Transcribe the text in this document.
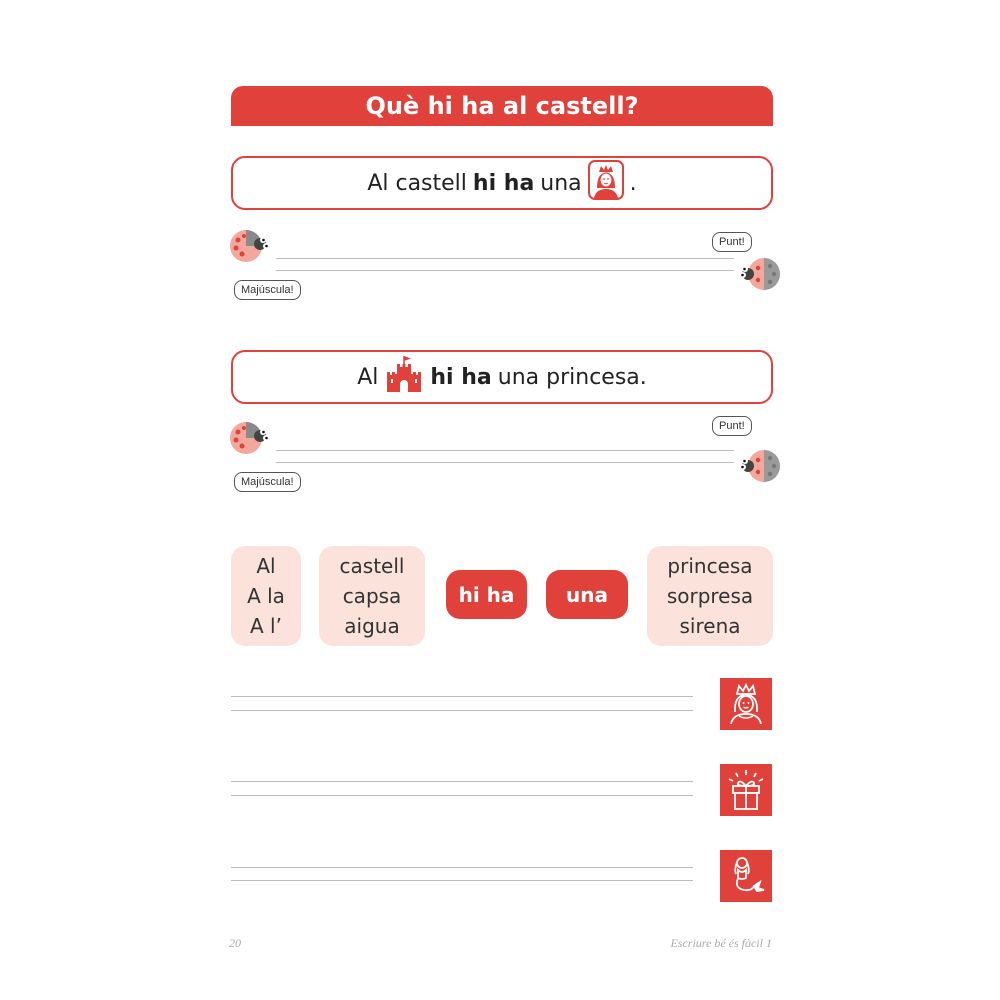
Què hi ha al castell?
Al castell hi ha una .
Majúscula!
Punt!
Al hi ha una princesa.
Majúscula!
Punt!
Al
A la
A l’
castell
capsa
aigua
hi ha	una
princesa
sorpresa
sirena
20	Escriure bé és fàcil 1
